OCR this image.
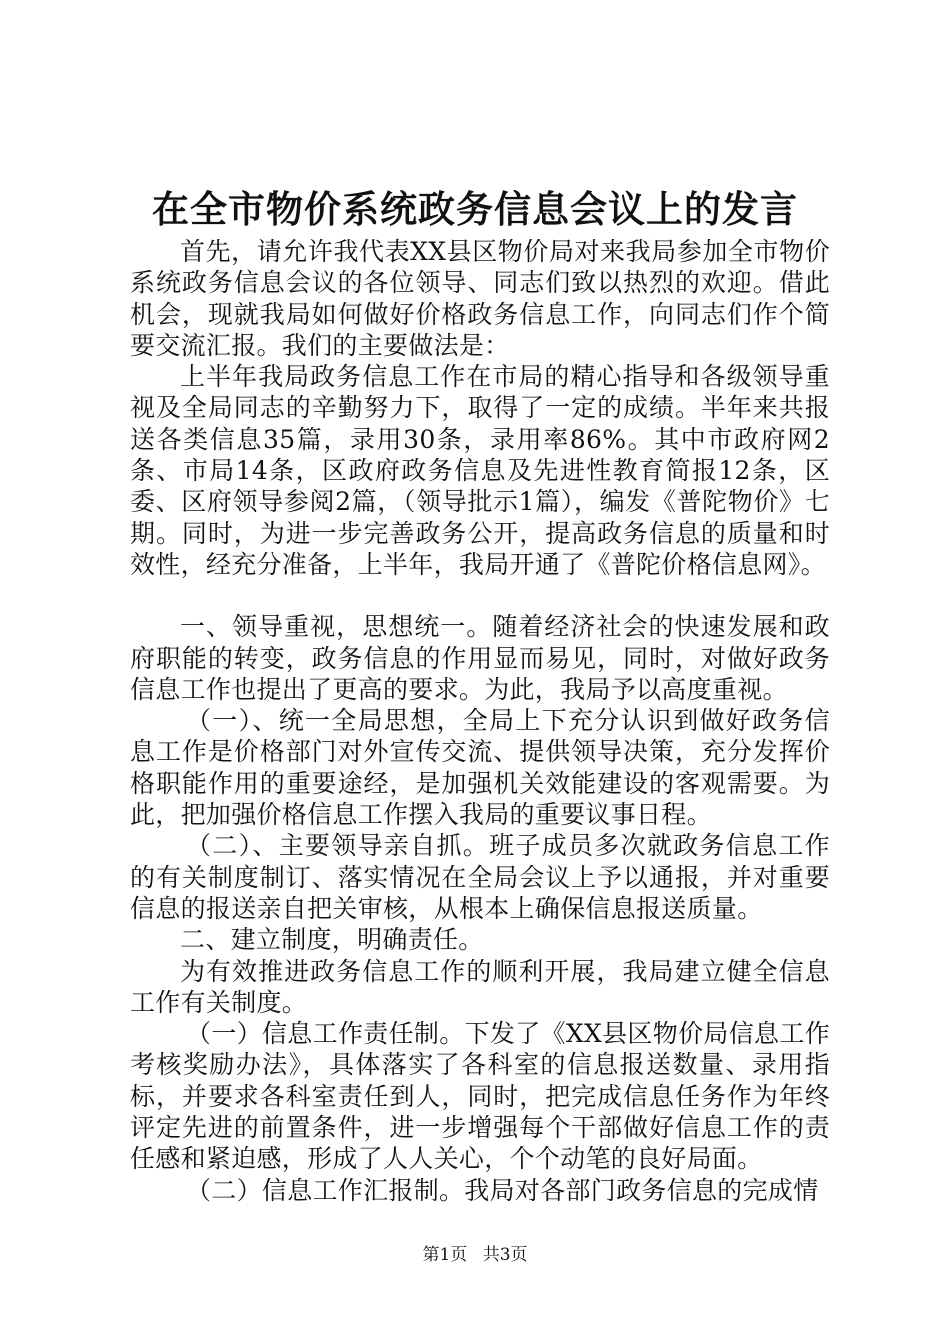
在全市物价系统政务信息会议上的发言

首先，请允许我代表XX县区物价局对来我局参加全市物价系统政务信息会议的各位领导、同志们致以热烈的欢迎。借此机会，现就我局如何做好价格政务信息工作，向同志们作个简要交流汇报。我们的主要做法是：

上半年我局政务信息工作在市局的精心指导和各级领导重视及全局同志的辛勤努力下，取得了一定的成绩。半年来共报送各类信息35篇，录用30条，录用率86%。其中市政府网2条、市局14条，区政府政务信息及先进性教育简报12条，区委、区府领导参阅2篇，（领导批示1篇），编发《普陀物价》七期。同时，为进一步完善政务公开，提高政务信息的质量和时效性，经充分准备，上半年，我局开通了《普陀价格信息网》。

一、领导重视，思想统一。随着经济社会的快速发展和政府职能的转变，政务信息的作用显而易见，同时，对做好政务信息工作也提出了更高的要求。为此，我局予以高度重视。

（一）、统一全局思想，全局上下充分认识到做好政务信息工作是价格部门对外宣传交流、提供领导决策，充分发挥价格职能作用的重要途经，是加强机关效能建设的客观需要。为此，把加强价格信息工作摆入我局的重要议事日程。

（二）、主要领导亲自抓。班子成员多次就政务信息工作的有关制度制订、落实情况在全局会议上予以通报，并对重要信息的报送亲自把关审核，从根本上确保信息报送质量。

二、建立制度，明确责任。

为有效推进政务信息工作的顺利开展，我局建立健全信息工作有关制度。

（一）信息工作责任制。下发了《XX县区物价局信息工作考核奖励办法》，具体落实了各科室的信息报送数量、录用指标，并要求各科室责任到人，同时，把完成信息任务作为年终评定先进的前置条件，进一步增强每个干部做好信息工作的责任感和紧迫感，形成了人人关心，个个动笔的良好局面。

（二）信息工作汇报制。我局对各部门政务信息的完成情

第1页 共3页
